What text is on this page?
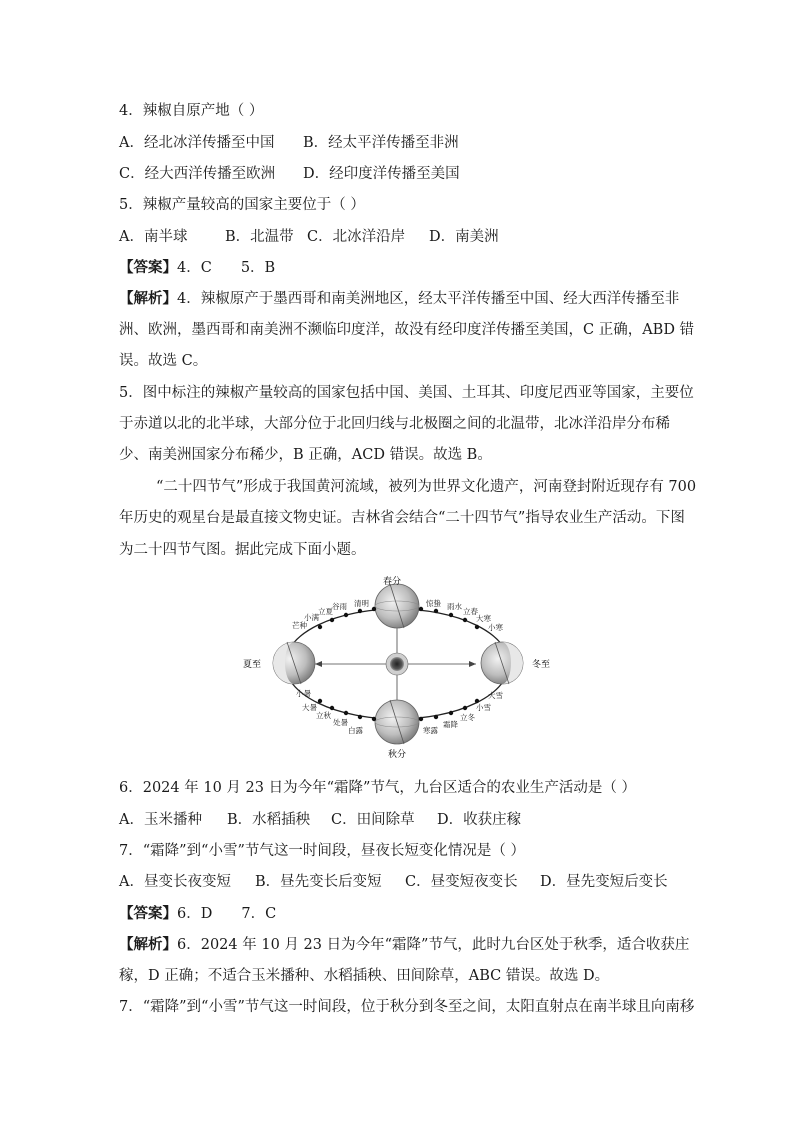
4．辣椒自原产地（ ）
A．经北冰洋传播至中国 B．经太平洋传播至非洲
C．经大西洋传播至欧洲 D．经印度洋传播至美国
5．辣椒产量较高的国家主要位于（ ）
A．南半球	B．北温带 C．北冰洋沿岸 D．南美洲
【答案】4．C　　5．B
【解析】4．辣椒原产于墨西哥和南美洲地区，经太平洋传播至中国、经大西洋传播至非
洲、欧洲，墨西哥和南美洲不濒临印度洋，故没有经印度洋传播至美国，C 正确，ABD 错
误。故选 C。
5．图中标注的辣椒产量较高的国家包括中国、美国、土耳其、印度尼西亚等国家，主要位
于赤道以北的北半球，大部分位于北回归线与北极圈之间的北温带，北冰洋沿岸分布稀
少、南美洲国家分布稀少，B 正确，ACD 错误。故选 B。
“二十四节气”形成于我国黄河流域，被列为世界文化遗产，河南登封附近现存有 700
年历史的观星台是最直接文物史证。吉林省会结合“二十四节气”指导农业生产活动。下图
为二十四节气图。据此完成下面小题。
春分
夏至
秋分
冬至
谷雨
立夏
小满
芒种
清明	惊蛰 雨水
立春
大寒
小寒
小暑
大暑
立秋
处暑
白露
大雪
小雪
立冬
霜降
寒露
6．2024 年 10 月 23 日为今年“霜降”节气，九台区适合的农业生产活动是（ ）
A．玉米播种 B．水稻插秧 C．田间除草 D．收获庄稼
7．“霜降”到“小雪”节气这一时间段，昼夜长短变化情况是（ ）
A．昼变长夜变短 B．昼先变长后变短 C．昼变短夜变长 D．昼先变短后变长
【答案】6．D　　7．C
【解析】6．2024 年 10 月 23 日为今年“霜降”节气，此时九台区处于秋季，适合收获庄
稼，D 正确；不适合玉米播种、水稻插秧、田间除草，ABC 错误。故选 D。
7．“霜降”到“小雪”节气这一时间段，位于秋分到冬至之间，太阳直射点在南半球且向南移
